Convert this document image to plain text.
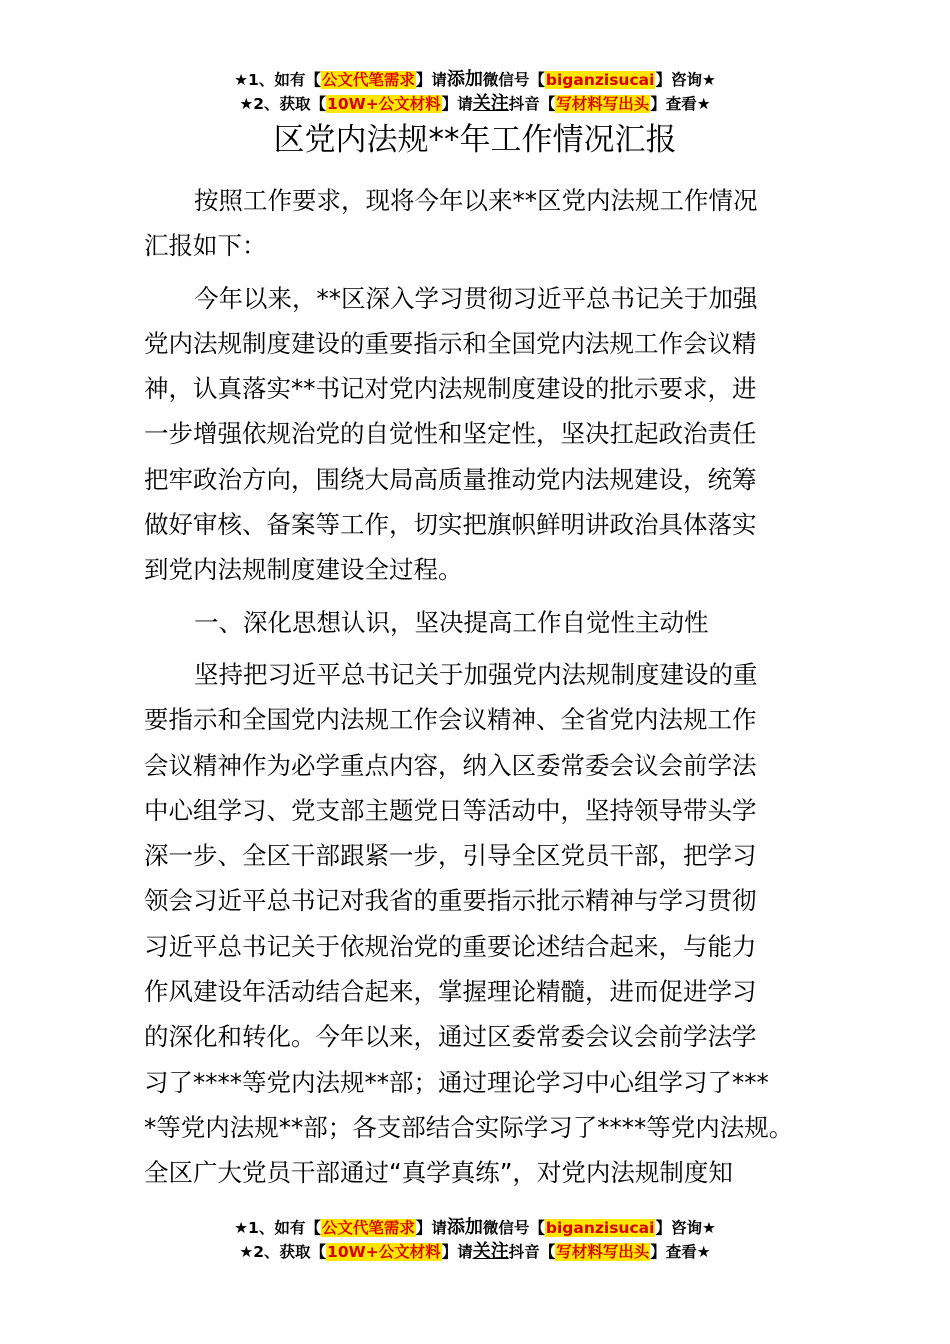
★1、如有【公文代笔需求】请添加微信号【biganzisucai】咨询★
★2、获取【10W+公文材料】请关注抖音【写材料写出头】查看★
区党内法规**年工作情况汇报
按照工作要求，现将今年以来**区党内法规工作情况
汇报如下：
今年以来，**区深入学习贯彻习近平总书记关于加强
党内法规制度建设的重要指示和全国党内法规工作会议精
神，认真落实**书记对党内法规制度建设的批示要求，进
一步增强依规治党的自觉性和坚定性，坚决扛起政治责任
把牢政治方向，围绕大局高质量推动党内法规建设，统筹
做好审核、备案等工作，切实把旗帜鲜明讲政治具体落实
到党内法规制度建设全过程。
一、深化思想认识，坚决提高工作自觉性主动性
坚持把习近平总书记关于加强党内法规制度建设的重
要指示和全国党内法规工作会议精神、全省党内法规工作
会议精神作为必学重点内容，纳入区委常委会议会前学法
中心组学习、党支部主题党日等活动中，坚持领导带头学
深一步、全区干部跟紧一步，引导全区党员干部，把学习
领会习近平总书记对我省的重要指示批示精神与学习贯彻
习近平总书记关于依规治党的重要论述结合起来，与能力
作风建设年活动结合起来，掌握理论精髓，进而促进学习
的深化和转化。今年以来，通过区委常委会议会前学法学
习了****等党内法规**部；通过理论学习中心组学习了***
*等党内法规**部；各支部结合实际学习了****等党内法规。
全区广大党员干部通过“真学真练”，对党内法规制度知
★1、如有【公文代笔需求】请添加微信号【biganzisucai】咨询★
★2、获取【10W+公文材料】请关注抖音【写材料写出头】查看★
